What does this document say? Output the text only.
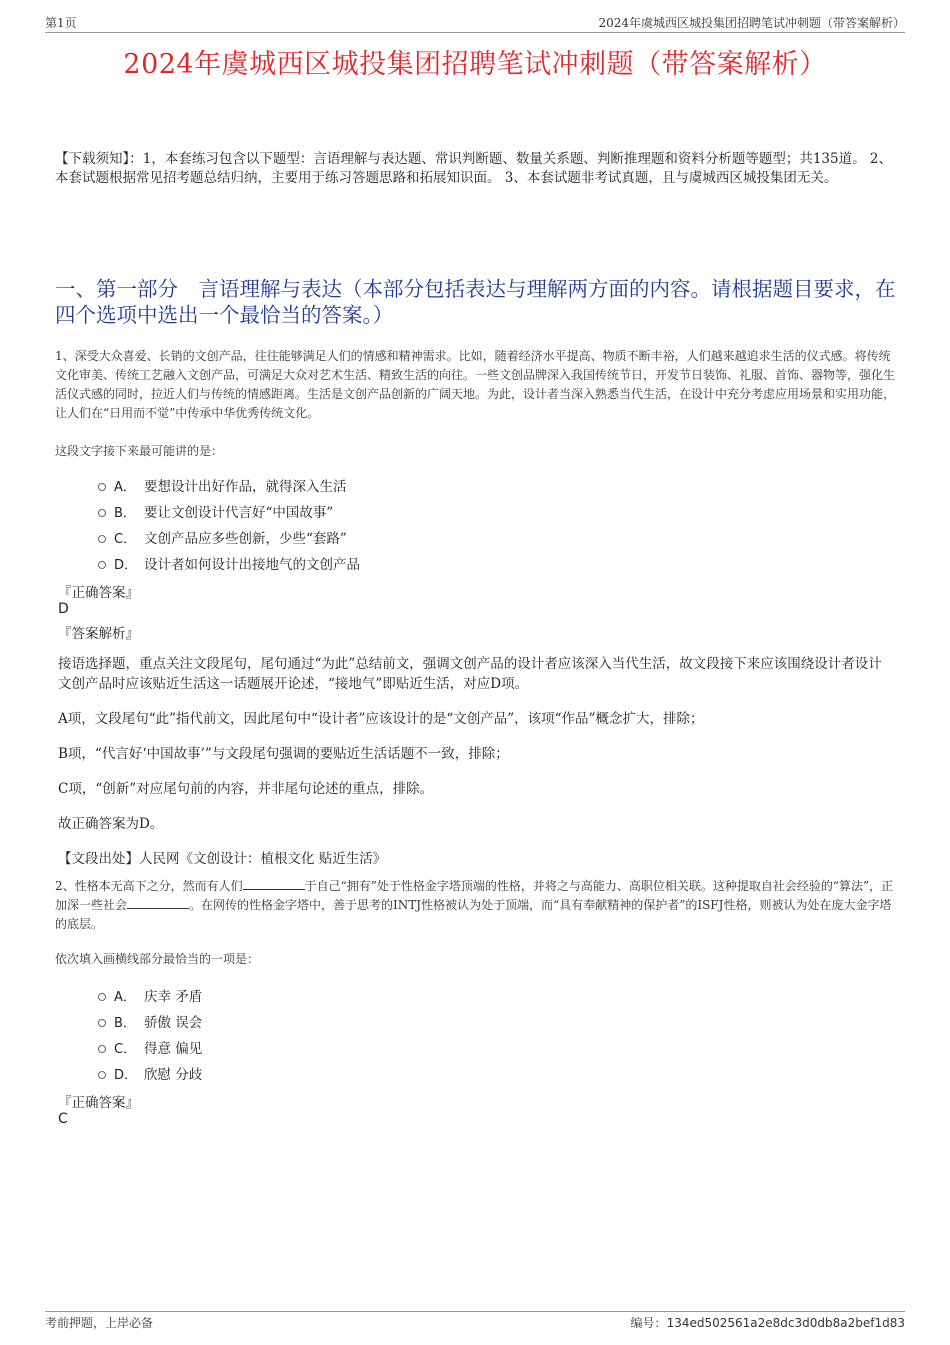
第1页	2024年虞城西区城投集团招聘笔试冲刺题（带答案解析）
2024年虞城西区城投集团招聘笔试冲刺题（带答案解析）
【下载须知】：1，本套练习包含以下题型：言语理解与表达题、常识判断题、数量关系题、判断推理题和资料分析题等题型；共135道。 2、本套试题根据常见招考题总结归纳，主要用于练习答题思路和拓展知识面。 3、本套试题非考试真题，且与虞城西区城投集团无关。
一、第一部分　言语理解与表达（本部分包括表达与理解两方面的内容。请根据题目要求，在四个选项中选出一个最恰当的答案。）
1、深受大众喜爱、长销的文创产品，往往能够满足人们的情感和精神需求。比如，随着经济水平提高、物质不断丰裕，人们越来越追求生活的仪式感。将传统文化审美、传统工艺融入文创产品，可满足大众对艺术生活、精致生活的向往。一些文创品牌深入我国传统节日，开发节日装饰、礼服、首饰、器物等，强化生活仪式感的同时，拉近人们与传统的情感距离。生活是文创产品创新的广阔天地。为此，设计者当深入熟悉当代生活，在设计中充分考虑应用场景和实用功能，让人们在“日用而不觉”中传承中华优秀传统文化。
这段文字接下来最可能讲的是：
A． 要想设计出好作品，就得深入生活
B． 要让文创设计代言好“中国故事”
C． 文创产品应多些创新，少些“套路”
D． 设计者如何设计出接地气的文创产品
『正确答案』
D
『答案解析』

接语选择题，重点关注文段尾句，尾句通过“为此”总结前文，强调文创产品的设计者应该深入当代生活，故文段接下来应该围绕设计者设计文创产品时应该贴近生活这一话题展开论述，“接地气”即贴近生活，对应D项。

A项，文段尾句“此”指代前文，因此尾句中“设计者”应该设计的是“文创产品”，该项“作品”概念扩大，排除；

B项，“代言好‘中国故事’”与文段尾句强调的要贴近生活话题不一致，排除；

C项，“创新”对应尾句前的内容，并非尾句论述的重点，排除。

故正确答案为D。

【文段出处】人民网《文创设计：植根文化 贴近生活》

2、性格本无高下之分，然而有人们	于自己“拥有”处于性格金字塔顶端的性格，并将之与高能力、高职位相关联。这种提取自社会经验的“算法”，正加深一些社会	。在网传的性格金字塔中，善于思考的INTJ性格被认为处于顶端，而“具有奉献精神的保护者”的ISFJ性格，则被认为处在庞大金字塔的底层。
依次填入画横线部分最恰当的一项是：
A． 庆幸 矛盾
B． 骄傲 误会
C． 得意 偏见
D． 欣慰 分歧
『正确答案』
C
考前押题，上岸必备	编号：134ed502561a2e8dc3d0db8a2bef1d83
